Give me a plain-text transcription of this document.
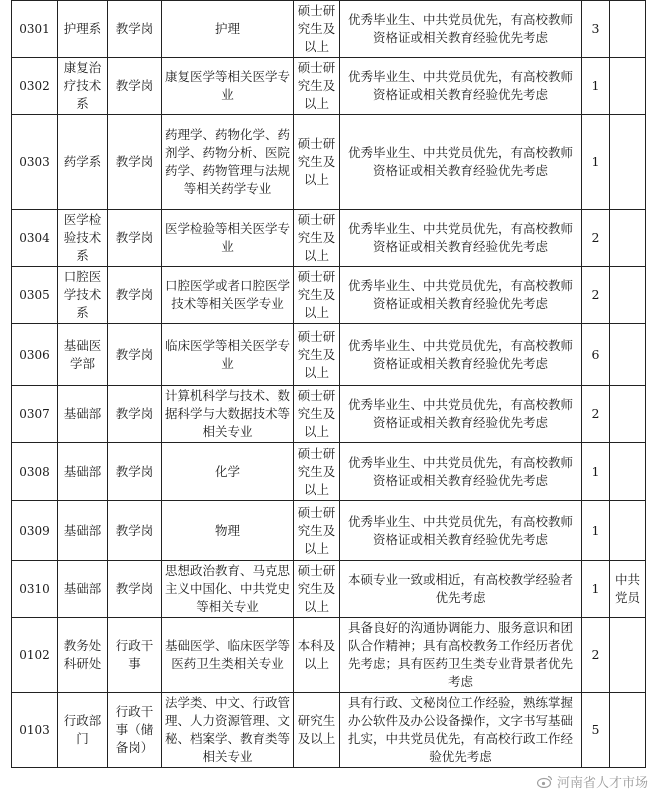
0301	护理系	教学岗	护理	硕士研究生及以上	优秀毕业生、中共党员优先，有高校教师资格证或相关教育经验优先考虑	3	
0302	康复治疗技术系	教学岗	康复医学等相关医学专业	硕士研究生及以上	优秀毕业生、中共党员优先，有高校教师资格证或相关教育经验优先考虑	1	
0303	药学系	教学岗	药理学、药物化学、药剂学、药物分析、医院药学、药物管理与法规等相关药学专业	硕士研究生及以上	优秀毕业生、中共党员优先，有高校教师资格证或相关教育经验优先考虑	1	
0304	医学检验技术系	教学岗	医学检验等相关医学专业	硕士研究生及以上	优秀毕业生、中共党员优先，有高校教师资格证或相关教育经验优先考虑	2	
0305	口腔医学技术系	教学岗	口腔医学或者口腔医学技术等相关医学专业	硕士研究生及以上	优秀毕业生、中共党员优先，有高校教师资格证或相关教育经验优先考虑	2	
0306	基础医学部	教学岗	临床医学等相关医学专业	硕士研究生及以上	优秀毕业生、中共党员优先，有高校教师资格证或相关教育经验优先考虑	6	
0307	基础部	教学岗	计算机科学与技术、数据科学与大数据技术等相关专业	硕士研究生及以上	优秀毕业生、中共党员优先，有高校教师资格证或相关教育经验优先考虑	2	
0308	基础部	教学岗	化学	硕士研究生及以上	优秀毕业生、中共党员优先，有高校教师资格证或相关教育经验优先考虑	1	
0309	基础部	教学岗	物理	硕士研究生及以上	优秀毕业生、中共党员优先，有高校教师资格证或相关教育经验优先考虑	1	
0310	基础部	教学岗	思想政治教育、马克思主义中国化、中共党史等相关专业	硕士研究生及以上	本硕专业一致或相近，有高校教学经验者优先考虑	1	中共党员
0102	教务处科研处	行政干事	基础医学、临床医学等医药卫生类相关专业	本科及以上	具备良好的沟通协调能力、服务意识和团队合作精神；具有高校教务工作经历者优先考虑；具有医药卫生类专业背景者优先考虑	2	
0103	行政部门	行政干事（储备岗）	法学类、中文、行政管理、人力资源管理、文秘、档案学、教育类等相关专业	研究生及以上	具有行政、文秘岗位工作经验，熟练掌握办公软件及办公设备操作，文字书写基础扎实，中共党员优先，有高校行政工作经验优先考虑	5	
河南省人才市场
